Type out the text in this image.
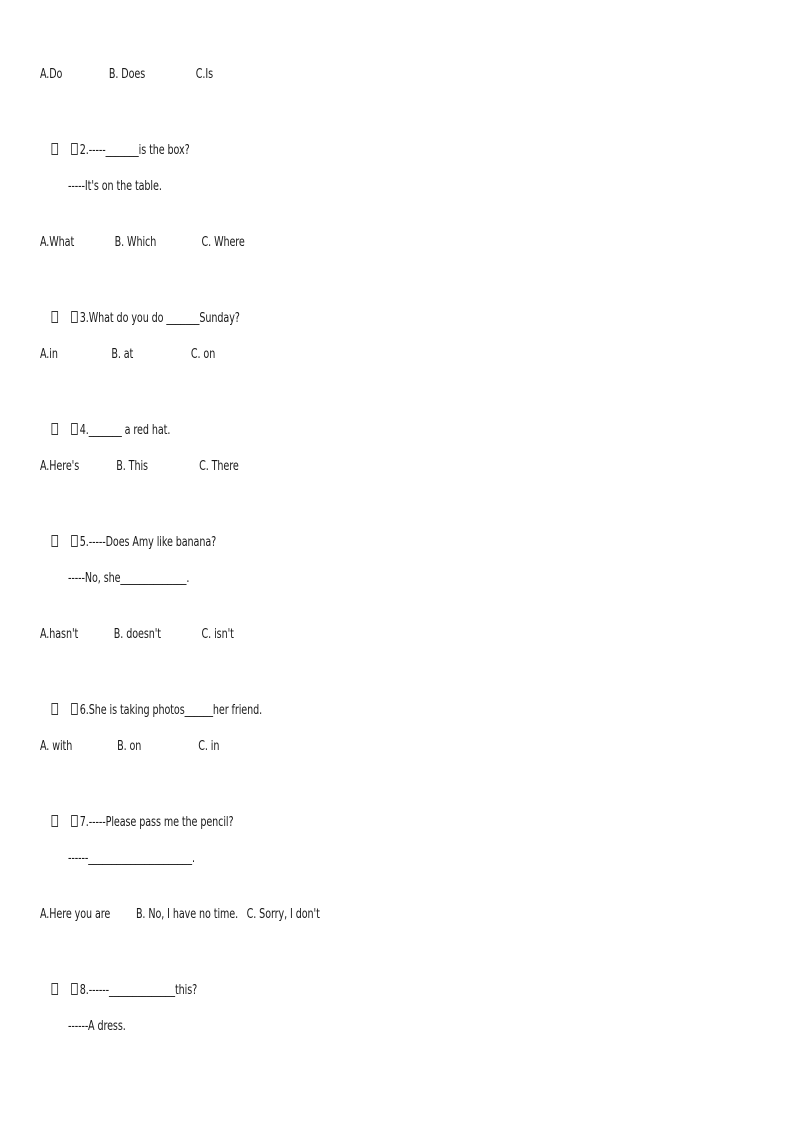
A.Do

	B. Does

	C.Is

2.-----_______is the box?

-----It's on the table.

A.What

	B. Which

	C. Where

3.What do you do _______Sunday?

A.in

	B. at

	C. on

4._______ a red hat.

A.Here's

	B. This

	C. There

5.-----Does Amy like banana?

-----No, she______________.

A.hasn't

	B. doesn't

	C. isn't

6.She is taking photos______her friend.

A. with

	B. on

	C. in

7.-----Please pass me the pencil?

------______________________.

A.Here you are

B. No, I have no time.

C. Sorry, I don't

8.------______________this?

------A dress.
